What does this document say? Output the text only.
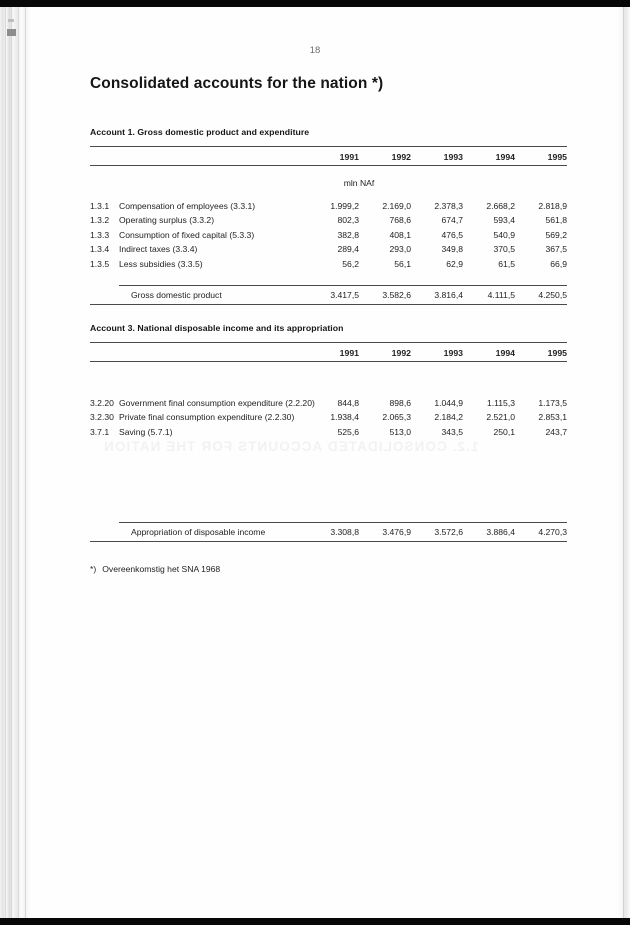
1.2. CONSOLIDATED ACCOUNTS FOR THE NATION
18
Consolidated accounts for the nation *)
Account 1. Gross domestic product and expenditure
		1991	1992	1993	1994	1995
		mln NAf				
1.3.1	Compensation of employees (3.3.1)	1.999,2	2.169,0	2.378,3	2.668,2	2.818,9
1.3.2	Operating surplus (3.3.2)	802,3	768,6	674,7	593,4	561,8
1.3.3	Consumption of fixed capital (5.3.3)	382,8	408,1	476,5	540,9	569,2
1.3.4	Indirect taxes (3.3.4)	289,4	293,0	349,8	370,5	367,5
1.3.5	Less subsidies (3.3.5)	56,2	56,1	62,9	61,5	66,9

	Gross domestic product	3.417,5	3.582,6	3.816,4	4.111,5	4.250,5
Account 3. National disposable income and its appropriation
		1991	1992	1993	1994	1995

3.2.20	Government final consumption expenditure (2.2.20)	844,8	898,6	1.044,9	1.115,3	1.173,5
3.2.30	Private final consumption expenditure (2.2.30)	1.938,4	2.065,3	2.184,2	2.521,0	2.853,1
3.7.1	Saving (5.7.1)	525,6	513,0	343,5	250,1	243,7

	Appropriation of disposable income	3.308,8	3.476,9	3.572,6	3.886,4	4.270,3
*) Overeenkomstig het SNA 1968
